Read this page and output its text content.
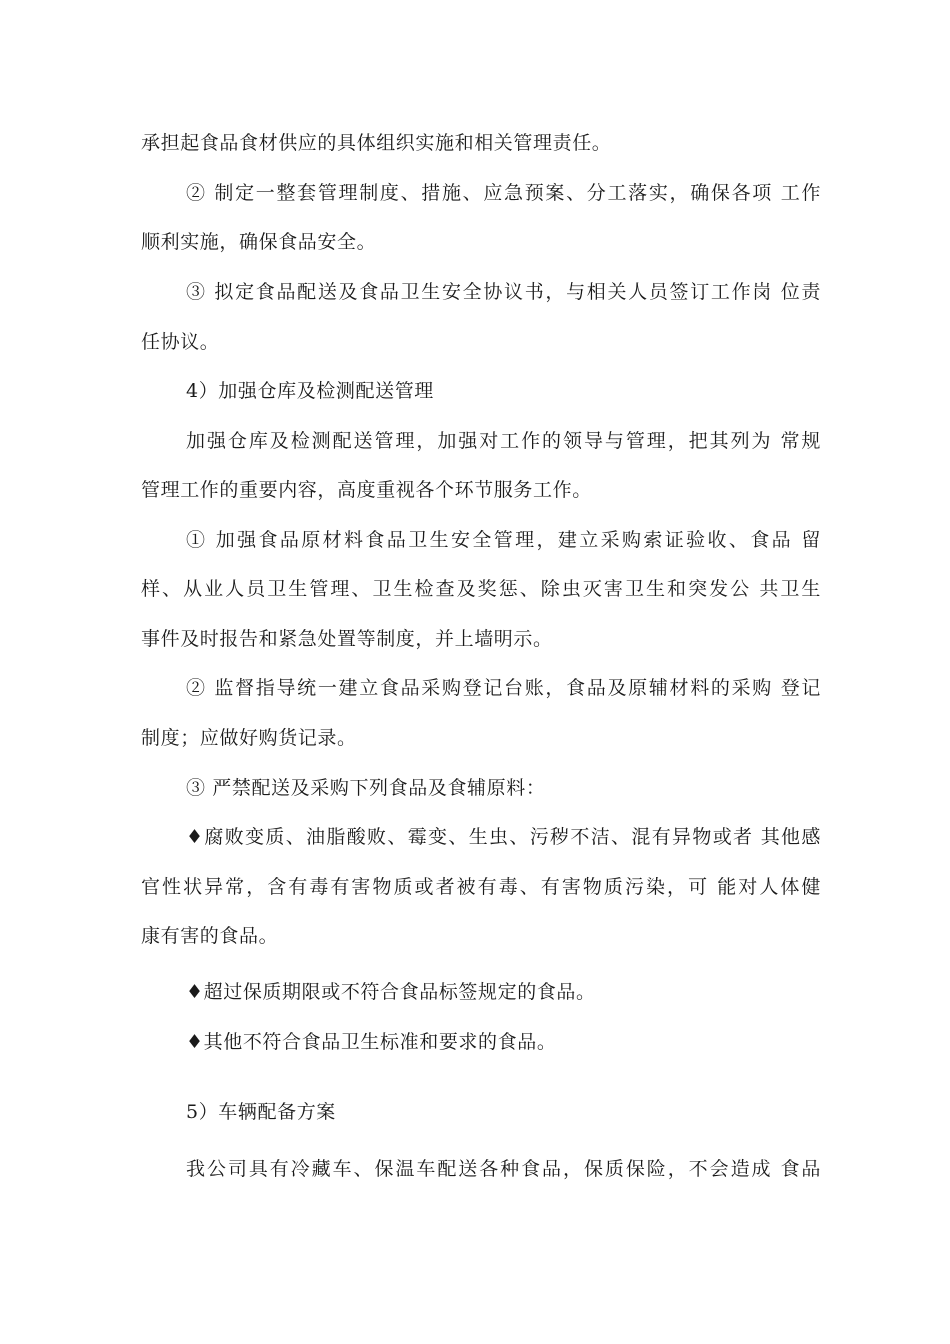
承担起食品食材供应的具体组织实施和相关管理责任。
② 制定一整套管理制度、措施、应急预案、分工落实，确保各项 工作
顺利实施，确保食品安全。
③ 拟定食品配送及食品卫生安全协议书，与相关人员签订工作岗 位责
任协议。
4）加强仓库及检测配送管理
加强仓库及检测配送管理，加强对工作的领导与管理，把其列为 常规
管理工作的重要内容，高度重视各个环节服务工作。
① 加强食品原材料食品卫生安全管理，建立采购索证验收、食品 留
样、从业人员卫生管理、卫生检查及奖惩、除虫灭害卫生和突发公 共卫生
事件及时报告和紧急处置等制度，并上墙明示。
② 监督指导统一建立食品采购登记台账，食品及原辅材料的采购 登记
制度；应做好购货记录。
③ 严禁配送及采购下列食品及食辅原料：
♦腐败变质、油脂酸败、霉变、生虫、污秽不洁、混有异物或者 其他感
官性状异常，含有毒有害物质或者被有毒、有害物质污染，可 能对人体健
康有害的食品。
♦超过保质期限或不符合食品标签规定的食品。
♦其他不符合食品卫生标准和要求的食品。
5）车辆配备方案
我公司具有冷藏车、保温车配送各种食品，保质保险，不会造成 食品
